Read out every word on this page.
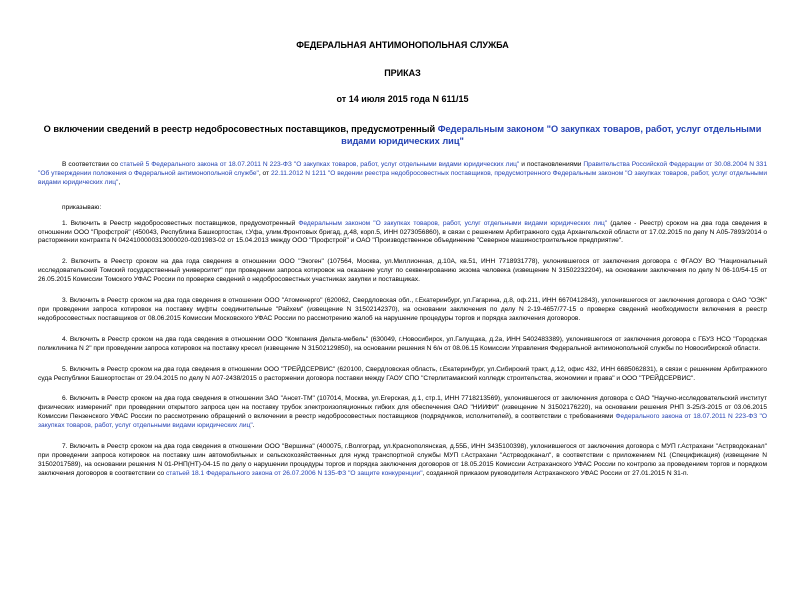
ФЕДЕРАЛЬНАЯ АНТИМОНОПОЛЬНАЯ СЛУЖБА
ПРИКАЗ
от 14 июля 2015 года N 611/15
О включении сведений в реестр недобросовестных поставщиков, предусмотренный Федеральным законом "О закупках товаров, работ, услуг отдельными видами юридических лиц"

В соответствии со статьей 5 Федерального закона от 18.07.2011 N 223-ФЗ "О закупках товаров, работ, услуг отдельными видами юридических лиц" и постановлениями Правительства Российской Федерации от 30.08.2004 N 331 "Об утверждении положения о Федеральной антимонопольной службе", от 22.11.2012 N 1211 "О ведении реестра недобросовестных поставщиков, предусмотренного Федеральным законом "О закупках товаров, работ, услуг отдельными видами юридических лиц",

приказываю:

1. Включить в Реестр недобросовестных поставщиков, предусмотренный Федеральным законом "О закупках товаров, работ, услуг отдельными видами юридических лиц" (далее - Реестр) сроком на два года сведения в отношении ООО "Профстрой" (450043, Республика Башкортостан, г.Уфа, улим.Фронтовых бригад, д.48, корп.5, ИНН 0273056860), в связи с решением Арбитражного суда Архангельской области от 17.02.2015 по делу N А05-7893/2014 о расторжении контракта N 0424100000313000020-0201983-02 от 15.04.2013 между ООО "Профстрой" и ОАО "Производственное объединение "Северное машиностроительное предприятие".

2. Включить в Реестр сроком на два года сведения в отношении ООО "Экоген" (107564, Москва, ул.Миллионная, д.10А, кв.51, ИНН 7718931778), уклонившегося от заключения договора с ФГАОУ ВО "Национальный исследовательский Томский государственный университет" при проведении запроса котировок на оказание услуг по секвенированию экзома человека (извещение N 31502232204), на основании заключения по делу N 06-10/54-15 от 26.05.2015 Комиссии Томского УФАС России по проверке сведений о недобросовестных участниках закупки и поставщиках.

3. Включить в Реестр сроком на два года сведения в отношении ООО "Атоменерго" (620062, Свердловская обл., г.Екатеринбург, ул.Гагарина, д.8, оф.211, ИНН 6670412843), уклонившегося от заключения договора с ОАО "ОЭК" при проведении запроса котировок на поставку муфты соединительные "Райхем" (извещение N 31502142370), на основании заключения по делу N 2-19-4657/77-15 о проверке сведений необходимости включения в реестр недобросовестных поставщиков от 08.06.2015 Комиссии Московского УФАС России по рассмотрению жалоб на нарушение процедуры торгов и порядка заключения договоров.

4. Включить в Реестр сроком на два года сведения в отношении ООО "Компания Дельта-мебель" (630049, г.Новосибирск, ул.Галущака, д.2а, ИНН 5402483389), уклонившегося от заключения договора с ГБУЗ НСО "Городская поликлиника N 2" при проведении запроса котировок на поставку кресел (извещение N 31502129850), на основании решения N 6/н от 08.06.15 Комиссии Управления Федеральной антимонопольной службы по Новосибирской области.

5. Включить в Реестр сроком на два года сведения в отношении ООО "ТРЕЙДСЕРВИС" (620100, Свердловская область, г.Екатеринбург, ул.Сибирский тракт, д.12, офис 432, ИНН 6685062831), в связи с решением Арбитражного суда Республики Башкортостан от 29.04.2015 по делу N А07-2438/2015 о расторжении договора поставки между ГАОУ СПО "Стерлитамакский колледж строительства, экономики и права" и ООО "ТРЕЙДСЕРВИС".

6. Включить в Реестр сроком на два года сведения в отношении ЗАО "Ансет-ТМ" (107014, Москва, ул.Егерская, д.1, стр.1, ИНН 7718213569), уклонившегося от заключения договора с ОАО "Научно-исследовательский институт физических измерений" при проведении открытого запроса цен на поставку трубок электроизоляционных гибких для обеспечения ОАО "НИИФИ" (извещение N 31502176220), на основании решения РНП 3-25/3-2015 от 03.06.2015 Комиссии Пензенского УФАС России по рассмотрению обращений о включении в реестр недобросовестных поставщиков (подрядчиков, исполнителей), в соответствии с требованиями Федерального закона от 18.07.2011 N 223-ФЗ "О закупках товаров, работ, услуг отдельными видами юридических лиц".

7. Включить в Реестр сроком на два года сведения в отношении ООО "Вершина" (400075, г.Волгоград, ул.Краснополянская, д.55Б, ИНН 3435100398), уклонившегося от заключения договора с МУП г.Астрахани "Астрводоканал" при проведении запроса котировок на поставку шин автомобильных и сельскохозяйственных для нужд транспортной службы МУП г.Астрахани "Астрводоканал", в соответствии с приложением N1 (Спецификация) (извещение N 31502017589), на основании решения N 01-РНП(НТ)-04-15 по делу о нарушении процедуры торгов и порядка заключения договоров от 18.05.2015 Комиссии Астраханского УФАС России по контролю за проведением торгов и порядком заключения договоров в соответствии со статьей 18.1 Федерального закона от 26.07.2006 N 135-ФЗ "О защите конкуренции", созданной приказом руководителя Астраханского УФАС России от 27.01.2015 N 31-п.
